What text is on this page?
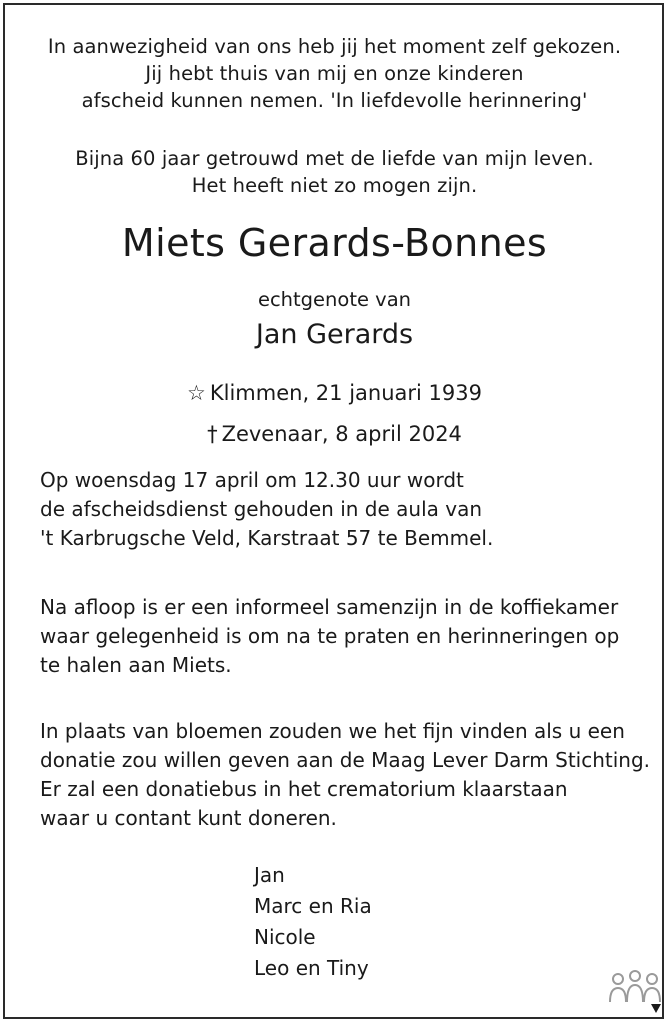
In aanwezigheid van ons heb jij het moment zelf gekozen.
Jij hebt thuis van mij en onze kinderen
afscheid kunnen nemen. 'In liefdevolle herinnering'
Bijna 60 jaar getrouwd met de liefde van mijn leven.
Het heeft niet zo mogen zijn.
Miets Gerards-Bonnes
echtgenote van
Jan Gerards
☆ Klimmen, 21 januari 1939
† Zevenaar, 8 april 2024
Op woensdag 17 april om 12.30 uur wordt
de afscheidsdienst gehouden in de aula van
't Karbrugsche Veld, Karstraat 57 te Bemmel.
Na afloop is er een informeel samenzijn in de koffiekamer
waar gelegenheid is om na te praten en herinneringen op
te halen aan Miets.
In plaats van bloemen zouden we het fijn vinden als u een
donatie zou willen geven aan de Maag Lever Darm Stichting.
Er zal een donatiebus in het crematorium klaarstaan
waar u contant kunt doneren.
Jan
Marc en Ria
Nicole
Leo en Tiny
